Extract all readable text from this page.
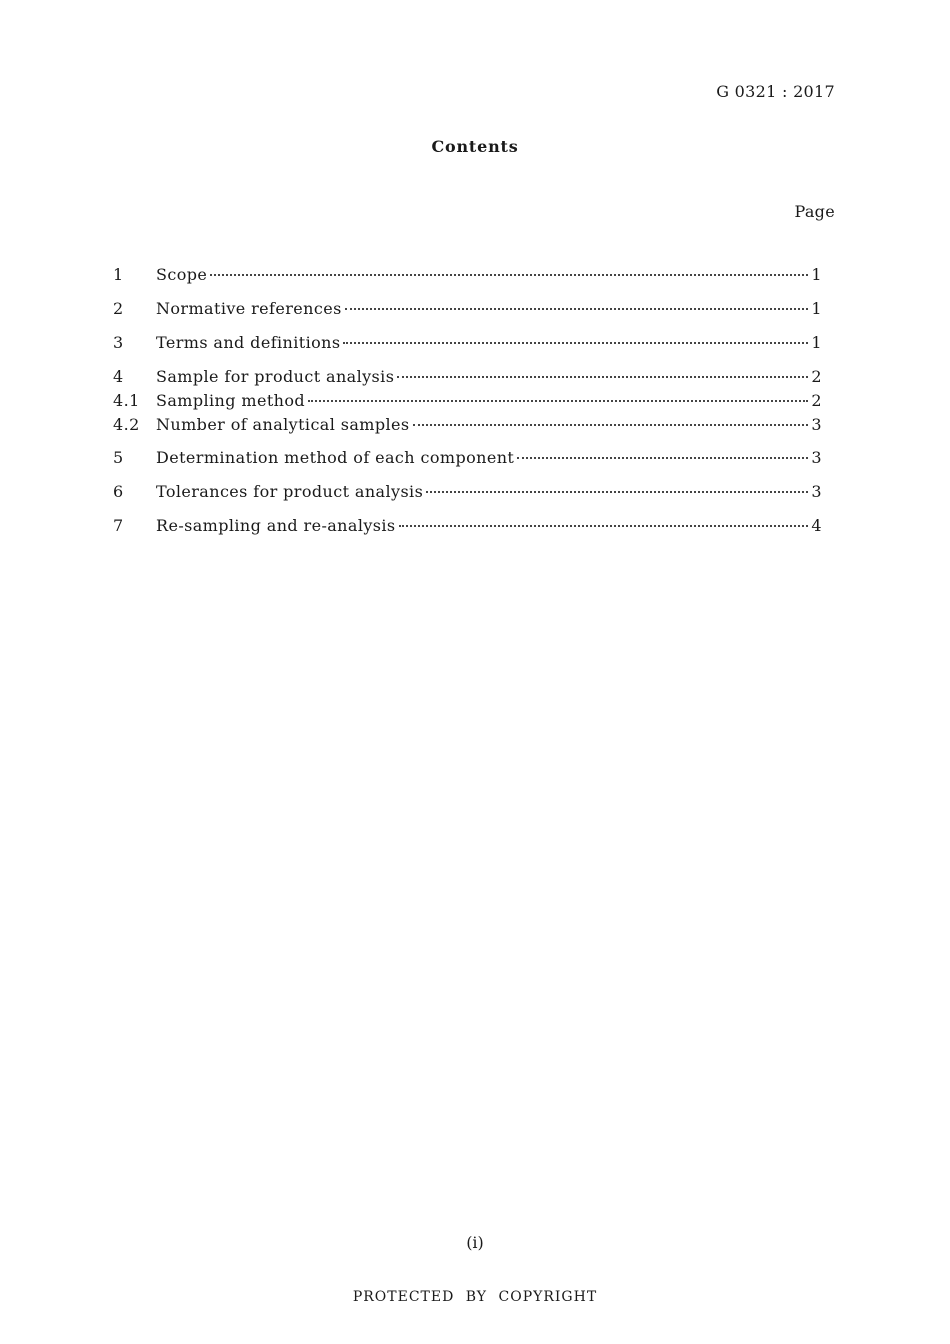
G 0321 : 2017
Contents
Page
1	Scope	1
2	Normative references	1
3	Terms and definitions	1
4	Sample for product analysis	2
4.1	Sampling method	2
4.2	Number of analytical samples	3
5	Determination method of each component	3
6	Tolerances for product analysis	3
7	Re-sampling and re-analysis	4
(i)
PROTECTED BY COPYRIGHT
